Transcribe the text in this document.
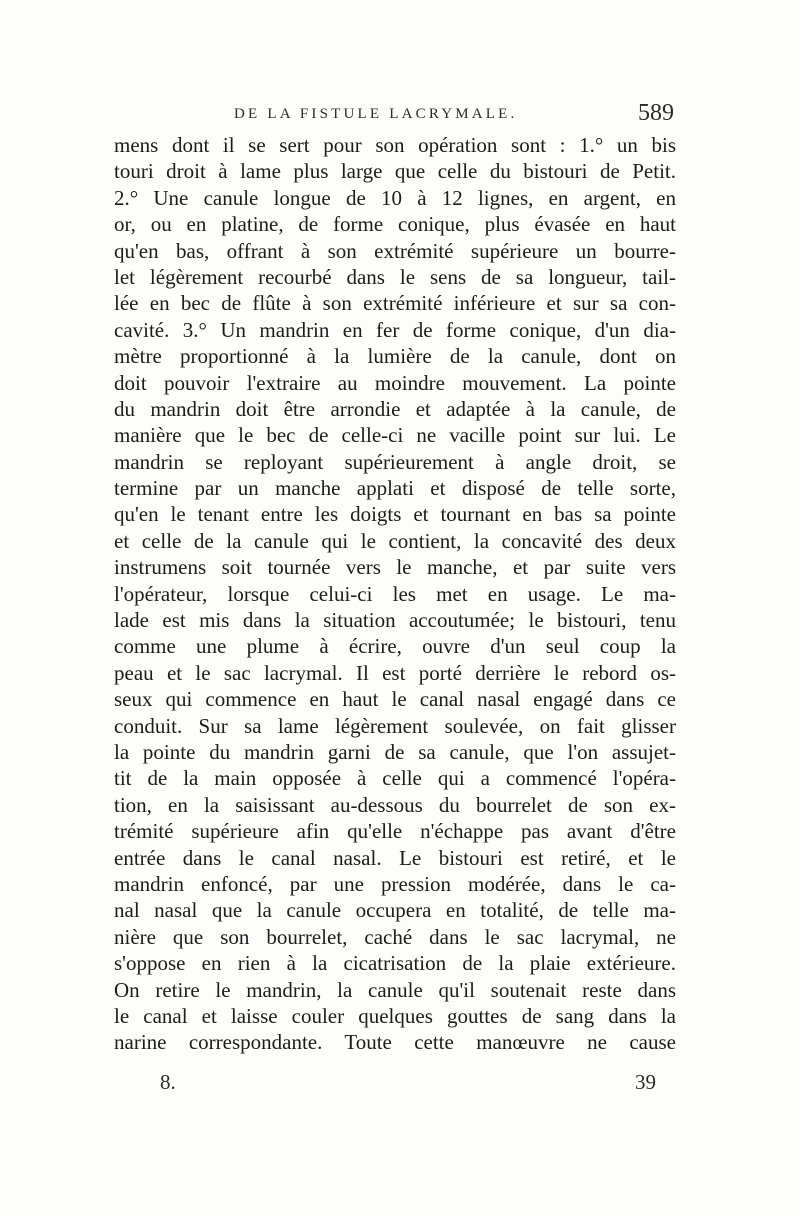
DE LA FISTULE LACRYMALE.	589
mens dont il se sert pour son opération sont : 1.° un bis
touri droit à lame plus large que celle du bistouri de Petit.
2.° Une canule longue de 10 à 12 lignes, en argent, en
or, ou en platine, de forme conique, plus évasée en haut
qu'en bas, offrant à son extrémité supérieure un bourre-
let légèrement recourbé dans le sens de sa longueur, tail-
lée en bec de flûte à son extrémité inférieure et sur sa con-
cavité. 3.° Un mandrin en fer de forme conique, d'un dia-
mètre proportionné à la lumière de la canule, dont on
doit pouvoir l'extraire au moindre mouvement. La pointe
du mandrin doit être arrondie et adaptée à la canule, de
manière que le bec de celle-ci ne vacille point sur lui. Le
mandrin se reployant supérieurement à angle droit, se
termine par un manche applati et disposé de telle sorte,
qu'en le tenant entre les doigts et tournant en bas sa pointe
et celle de la canule qui le contient, la concavité des deux
instrumens soit tournée vers le manche, et par suite vers
l'opérateur, lorsque celui-ci les met en usage. Le ma-
lade est mis dans la situation accoutumée; le bistouri, tenu
comme une plume à écrire, ouvre d'un seul coup la
peau et le sac lacrymal. Il est porté derrière le rebord os-
seux qui commence en haut le canal nasal engagé dans ce
conduit. Sur sa lame légèrement soulevée, on fait glisser
la pointe du mandrin garni de sa canule, que l'on assujet-
tit de la main opposée à celle qui a commencé l'opéra-
tion, en la saisissant au-dessous du bourrelet de son ex-
trémité supérieure afin qu'elle n'échappe pas avant d'être
entrée dans le canal nasal. Le bistouri est retiré, et le
mandrin enfoncé, par une pression modérée, dans le ca-
nal nasal que la canule occupera en totalité, de telle ma-
nière que son bourrelet, caché dans le sac lacrymal, ne
s'oppose en rien à la cicatrisation de la plaie extérieure.
On retire le mandrin, la canule qu'il soutenait reste dans
le canal et laisse couler quelques gouttes de sang dans la
narine correspondante. Toute cette manœuvre ne cause
8.	39
